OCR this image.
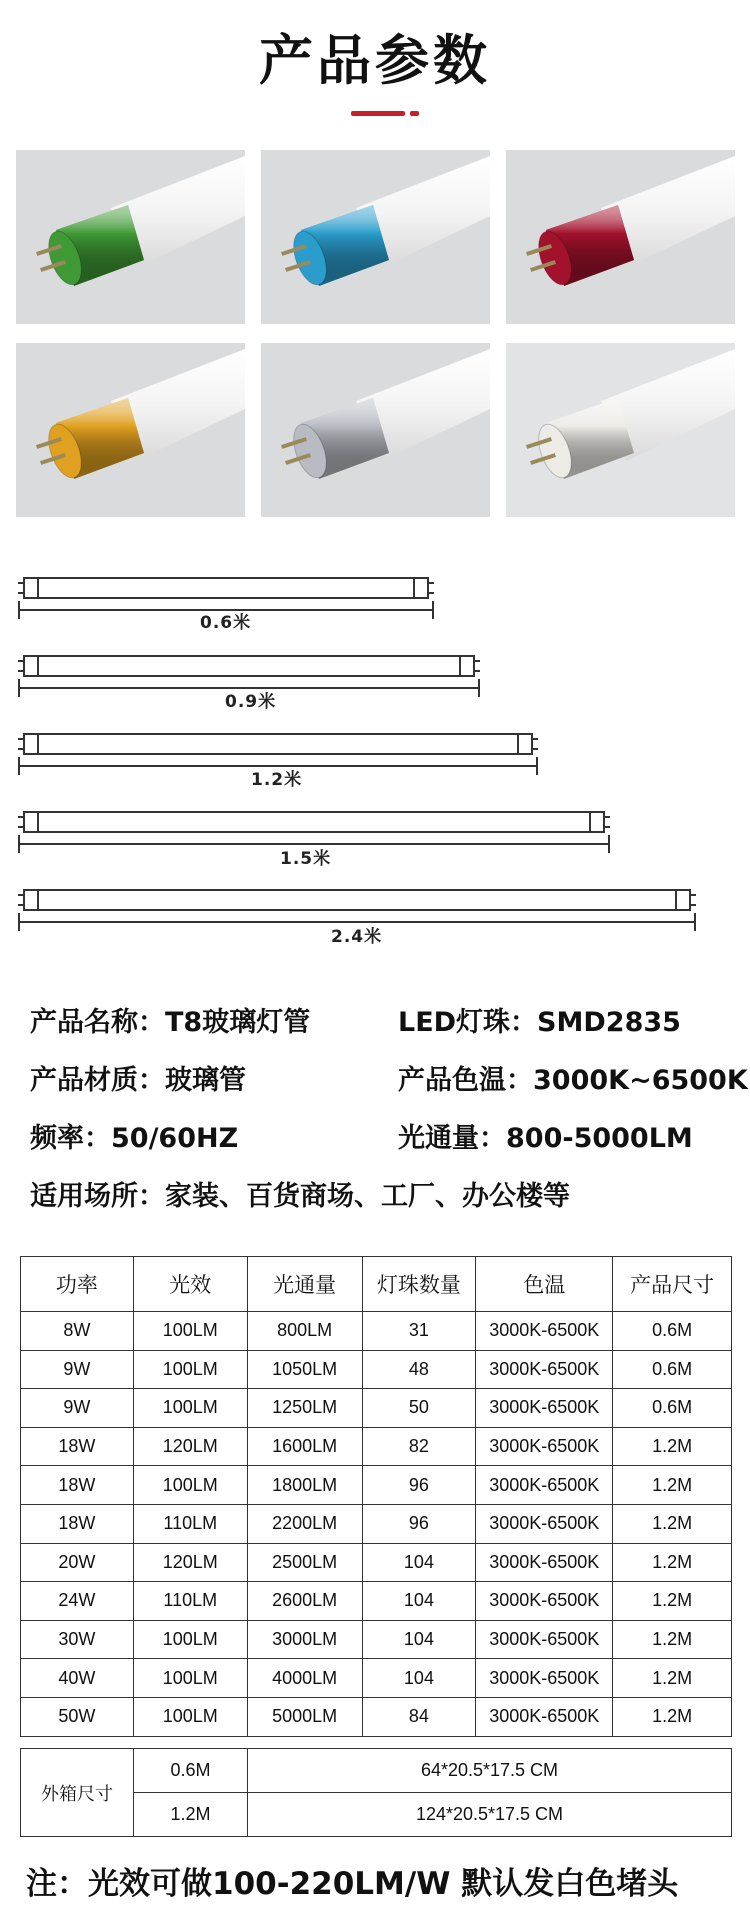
产品参数
0.6米
0.9米
1.2米
1.5米
2.4米
产品名称：T8玻璃灯管	LED灯珠：SMD2835
产品材质：玻璃管	产品色温：3000K~6500K
频率：50/60HZ	光通量：800-5000LM
适用场所：家装、百货商场、工厂、办公楼等
功率	光效	光通量	灯珠数量	色温	产品尺寸
8W	100LM	800LM	31	3000K-6500K	0.6M
9W	100LM	1050LM	48	3000K-6500K	0.6M
9W	100LM	1250LM	50	3000K-6500K	0.6M
18W	120LM	1600LM	82	3000K-6500K	1.2M
18W	100LM	1800LM	96	3000K-6500K	1.2M
18W	110LM	2200LM	96	3000K-6500K	1.2M
20W	120LM	2500LM	104	3000K-6500K	1.2M
24W	110LM	2600LM	104	3000K-6500K	1.2M
30W	100LM	3000LM	104	3000K-6500K	1.2M
40W	100LM	4000LM	104	3000K-6500K	1.2M
50W	100LM	5000LM	84	3000K-6500K	1.2M
外箱尺寸	0.6M	64*20.5*17.5 CM
	1.2M	124*20.5*17.5 CM
注：光效可做100-220LM/W 默认发白色堵头
